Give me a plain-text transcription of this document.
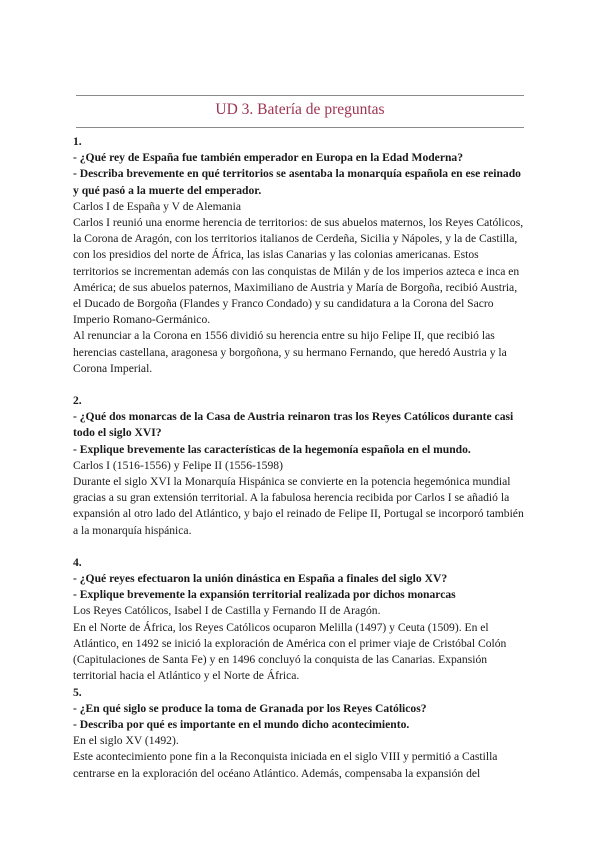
UD 3. Batería de preguntas

1.

- ¿Qué rey de España fue también emperador en Europa en la Edad Moderna?

- Describa brevemente en qué territorios se asentaba la monarquía española en ese reinado y qué pasó a la muerte del emperador.

Carlos I de España y V de Alemania

Carlos I reunió una enorme herencia de territorios: de sus abuelos maternos, los Reyes Católicos, la Corona de Aragón, con los territorios italianos de Cerdeña, Sicilia y Nápoles, y la de Castilla, con los presidios del norte de África, las islas Canarias y las colonias americanas. Estos territorios se incrementan además con las conquistas de Milán y de los imperios azteca e inca en América; de sus abuelos paternos, Maximiliano de Austria y María de Borgoña, recibió Austria, el Ducado de Borgoña (Flandes y Franco Condado) y su candidatura a la Corona del Sacro Imperio Romano-Germánico.

Al renunciar a la Corona en 1556 dividió su herencia entre su hijo Felipe II, que recibió las herencias castellana, aragonesa y borgoñona, y su hermano Fernando, que heredó Austria y la Corona Imperial.

2.

- ¿Qué dos monarcas de la Casa de Austria reinaron tras los Reyes Católicos durante casi todo el siglo XVI?

- Explique brevemente las características de la hegemonía española en el mundo.

Carlos I (1516-1556) y Felipe II (1556-1598)

Durante el siglo XVI la Monarquía Hispánica se convierte en la potencia hegemónica mundial gracias a su gran extensión territorial. A la fabulosa herencia recibida por Carlos I se añadió la expansión al otro lado del Atlántico, y bajo el reinado de Felipe II, Portugal se incorporó también a la monarquía hispánica.

4.

- ¿Qué reyes efectuaron la unión dinástica en España a finales del siglo XV?

- Explique brevemente la expansión territorial realizada por dichos monarcas

Los Reyes Católicos, Isabel I de Castilla y Fernando II de Aragón.

En el Norte de África, los Reyes Católicos ocuparon Melilla (1497) y Ceuta (1509). En el Atlántico, en 1492 se inició la exploración de América con el primer viaje de Cristóbal Colón (Capitulaciones de Santa Fe) y en 1496 concluyó la conquista de las Canarias. Expansión territorial hacia el Atlántico y el Norte de África.

5.

- ¿En qué siglo se produce la toma de Granada por los Reyes Católicos?

- Describa por qué es importante en el mundo dicho acontecimiento.

En el siglo XV (1492).

Este acontecimiento pone fin a la Reconquista iniciada en el siglo VIII y permitió a Castilla centrarse en la exploración del océano Atlántico. Además, compensaba la expansión del
